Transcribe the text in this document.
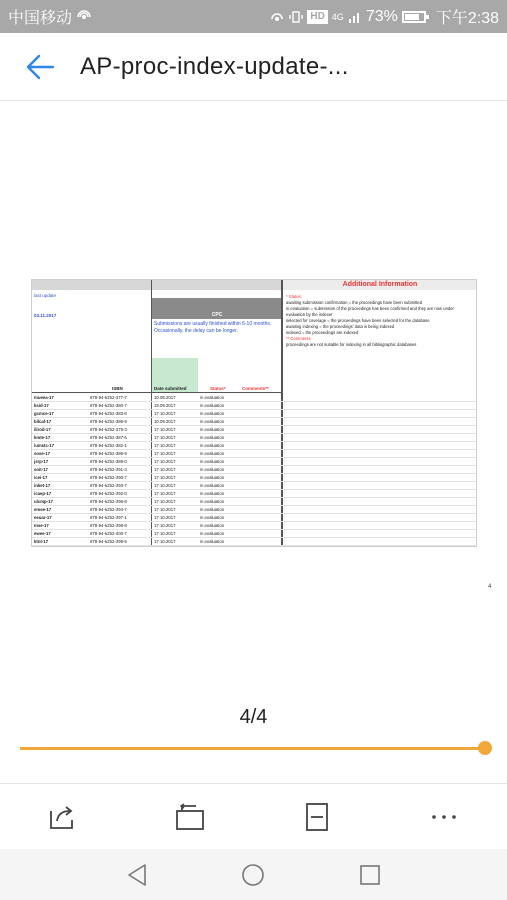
中国移动	HD 4G 73% 下午2:38
AP-proc-index-update-...
Additional Information
last update
03.11.2017	CPC
Submissions are usually finished within 6-10 months. Occasionally, the delay can be longer.
ISBN	Date submitted	Status*	Comments**
* Status:
awaiting submission confirmation = the proceedings have been submitted
in evaluation = submission of the proceedings has been confirmed and they are now under evaluation by the indexer
selected for coverage = the proceedings have been selected for the database
awaiting indexing = the proceedings' data is being indexed
indexed = the proceedings are indexed
** Comments
proceedings are not suitable for indexing in all bibliographic databases
mueea-17	978-94-6252-377-7	10.08.2017	in evaluation
ksid-17	978-94-6252-380-7	19.09.2017	in evaluation
gcmce-17	978-94-6252-383-8	17.10.2017	in evaluation
bilcal-17	978-94-6252-386-9	10.09.2017	in evaluation
ilirod-17	978-94-6252-375-3	17.10.2017	in evaluation
kmte-17	978-94-6252-387-6	17.10.2017	in evaluation
iumstc-17	978-94-6252-382-1	17.10.2017	in evaluation
sose-17	978-94-6252-386-9	17.10.2017	in evaluation
jsrp-17	978-94-6252-389-0	17.10.2017	in evaluation
soit-17	978-94-6252-391-3	17.10.2017	in evaluation
icei-17	978-94-6252-390-7	17.10.2017	in evaluation
inket-17	978-94-6252-393-7	17.10.2017	in evaluation
icaep-17	978-94-6252-392-0	17.10.2017	in evaluation
ulcmp-17	978-94-6252-396-8	17.10.2017	in evaluation
emee-17	978-94-6252-394-7	17.10.2017	in evaluation
eeuar-17	978-94-6252-397-1	17.10.2017	in evaluation
mse-17	978-94-6252-398-8	17.10.2017	in evaluation
ewee-17	978-94-6252-400-7	17.10.2017	in evaluation
ktnt-17	978-94-6252-399-5	17.10.2017	in evaluation
4
4/4
